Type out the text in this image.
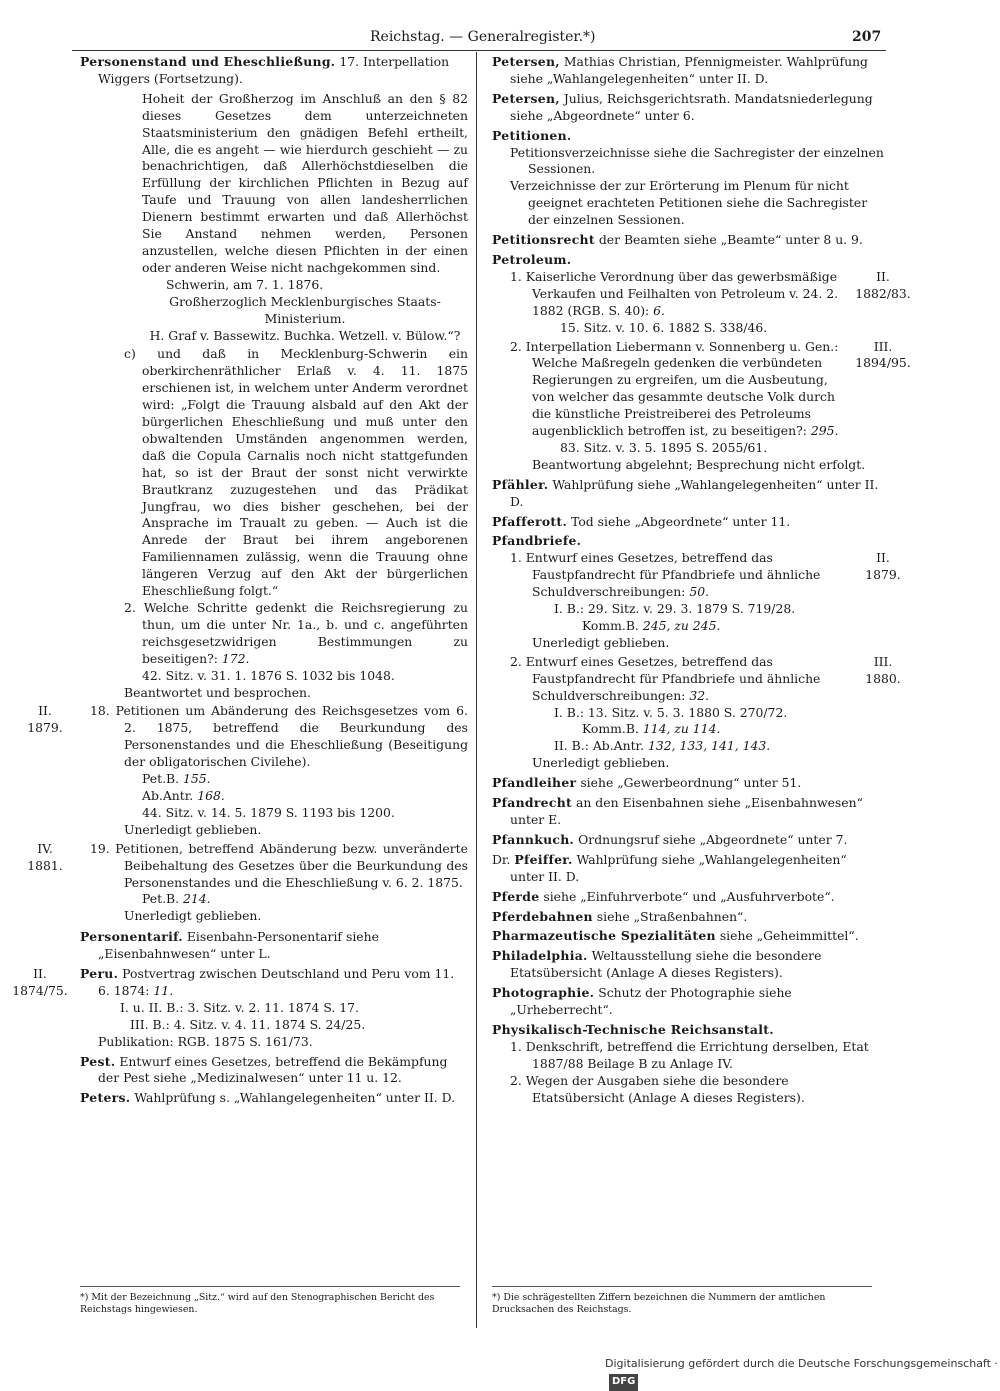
Reichstag. — Generalregister.*)	207
Personenstand und Eheschließung. 17. Interpellation Wiggers (Fortsetzung).
Hoheit der Großherzog im Anschluß an den § 82 dieses Gesetzes dem unterzeichneten Staatsministerium den gnädigen Befehl ertheilt, Alle, die es angeht — wie hierdurch geschieht — zu benachrichtigen, daß Allerhöchstdieselben die Erfüllung der kirchlichen Pflichten in Bezug auf Taufe und Trauung von allen landesherrlichen Dienern bestimmt erwarten und daß Allerhöchst Sie Anstand nehmen werden, Personen anzustellen, welche diesen Pflichten in der einen oder anderen Weise nicht nachgekommen sind.
Schwerin, am 7. 1. 1876.
Großherzoglich Mecklenburgisches Staats-Ministerium.
H. Graf v. Bassewitz. Buchka. Wetzell. v. Bülow.“?
c) und daß in Mecklenburg-Schwerin ein oberkirchenräthlicher Erlaß v. 4. 11. 1875 erschienen ist, in welchem unter Anderm verordnet wird: „Folgt die Trauung alsbald auf den Akt der bürgerlichen Eheschließung und muß unter den obwaltenden Umständen angenommen werden, daß die Copula Carnalis noch nicht stattgefunden hat, so ist der Braut der sonst nicht verwirkte Brautkranz zuzugestehen und das Prädikat Jungfrau, wo dies bisher geschehen, bei der Ansprache im Traualt zu geben. — Auch ist die Anrede der Braut bei ihrem angeborenen Familiennamen zulässig, wenn die Trauung ohne längeren Verzug auf den Akt der bürgerlichen Eheschließung folgt.“
2. Welche Schritte gedenkt die Reichsregierung zu thun, um die unter Nr. 1a., b. und c. angeführten reichsgesetzwidrigen Bestimmungen zu beseitigen?: 172.
42. Sitz. v. 31. 1. 1876 S. 1032 bis 1048.
Beantwortet und besprochen.
II.
1879.
18. Petitionen um Abänderung des Reichsgesetzes vom 6. 2. 1875, betreffend die Beurkundung des Personenstandes und die Eheschließung (Beseitigung der obligatorischen Civilehe).
Pet.B. 155.
Ab.Antr. 168.
44. Sitz. v. 14. 5. 1879 S. 1193 bis 1200.
Unerledigt geblieben.
IV.
1881.
19. Petitionen, betreffend Abänderung bezw. unveränderte Beibehaltung des Gesetzes über die Beurkundung des Personenstandes und die Eheschließung v. 6. 2. 1875.
Pet.B. 214.
Unerledigt geblieben.
Personentarif. Eisenbahn-Personentarif siehe „Eisenbahnwesen“ unter L.
II.
1874/75.
Peru. Postvertrag zwischen Deutschland und Peru vom 11. 6. 1874: 11.
I. u. II. B.: 3. Sitz. v. 2. 11. 1874 S. 17.
III. B.: 4. Sitz. v. 4. 11. 1874 S. 24/25.
Publikation: RGB. 1875 S. 161/73.
Pest. Entwurf eines Gesetzes, betreffend die Bekämpfung der Pest siehe „Medizinalwesen“ unter 11 u. 12.
Peters. Wahlprüfung s. „Wahlangelegenheiten“ unter II. D.
Petersen, Mathias Christian, Pfennigmeister. Wahlprüfung siehe „Wahlangelegenheiten“ unter II. D.
Petersen, Julius, Reichsgerichtsrath. Mandatsniederlegung siehe „Abgeordnete“ unter 6.
Petitionen.
Petitionsverzeichnisse siehe die Sachregister der einzelnen Sessionen.
Verzeichnisse der zur Erörterung im Plenum für nicht geeignet erachteten Petitionen siehe die Sachregister der einzelnen Sessionen.
Petitionsrecht der Beamten siehe „Beamte“ unter 8 u. 9.
Petroleum.
II.
1882/83.
1. Kaiserliche Verordnung über das gewerbsmäßige Verkaufen und Feilhalten von Petroleum v. 24. 2. 1882 (RGB. S. 40): 6.
15. Sitz. v. 10. 6. 1882 S. 338/46.
III.
1894/95.
2. Interpellation Liebermann v. Sonnenberg u. Gen.: Welche Maßregeln gedenken die verbündeten Regierungen zu ergreifen, um die Ausbeutung, von welcher das gesammte deutsche Volk durch die künstliche Preistreiberei des Petroleums augenblicklich betroffen ist, zu beseitigen?: 295.
83. Sitz. v. 3. 5. 1895 S. 2055/61.
Beantwortung abgelehnt; Besprechung nicht erfolgt.
Pfähler. Wahlprüfung siehe „Wahlangelegenheiten“ unter II. D.
Pfafferott. Tod siehe „Abgeordnete“ unter 11.
Pfandbriefe.
II.
1879.
1. Entwurf eines Gesetzes, betreffend das Faustpfandrecht für Pfandbriefe und ähnliche Schuldverschreibungen: 50.
I. B.: 29. Sitz. v. 29. 3. 1879 S. 719/28.
Komm.B. 245, zu 245.
Unerledigt geblieben.
III.
1880.
2. Entwurf eines Gesetzes, betreffend das Faustpfandrecht für Pfandbriefe und ähnliche Schuldverschreibungen: 32.
I. B.: 13. Sitz. v. 5. 3. 1880 S. 270/72.
Komm.B. 114, zu 114.
II. B.: Ab.Antr. 132, 133, 141, 143.
Unerledigt geblieben.
Pfandleiher siehe „Gewerbeordnung“ unter 51.
Pfandrecht an den Eisenbahnen siehe „Eisenbahnwesen“ unter E.
Pfannkuch. Ordnungsruf siehe „Abgeordnete“ unter 7.
Dr. Pfeiffer. Wahlprüfung siehe „Wahlangelegenheiten“ unter II. D.
Pferde siehe „Einfuhrverbote“ und „Ausfuhrverbote“.
Pferdebahnen siehe „Straßenbahnen“.
Pharmazeutische Spezialitäten siehe „Geheimmittel“.
Philadelphia. Weltausstellung siehe die besondere Etatsübersicht (Anlage A dieses Registers).
Photographie. Schutz der Photographie siehe „Urheberrecht“.
Physikalisch-Technische Reichsanstalt.
1. Denkschrift, betreffend die Errichtung derselben, Etat 1887/88 Beilage B zu Anlage IV.
2. Wegen der Ausgaben siehe die besondere Etatsübersicht (Anlage A dieses Registers).
*) Mit der Bezeichnung „Sitz.“ wird auf den Stenographischen Bericht des Reichstags hingewiesen.
*) Die schrägestellten Ziffern bezeichnen die Nummern der amtlichen Drucksachen des Reichstags.
Digitalisierung gefördert durch die Deutsche Forschungsgemeinschaft ·DFG
